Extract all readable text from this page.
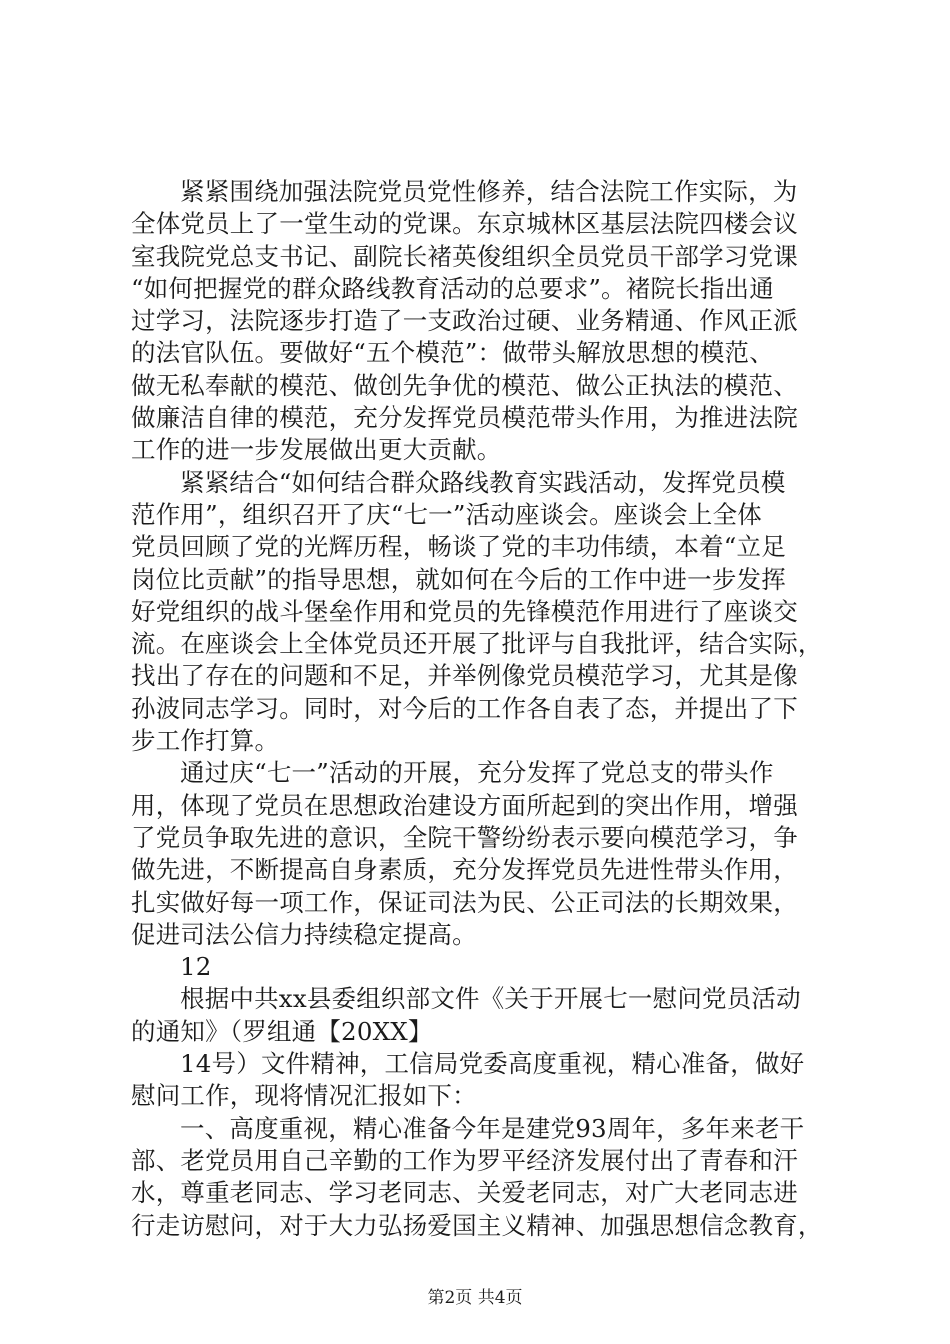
紧紧围绕加强法院党员党性修养，结合法院工作实际，为
全体党员上了一堂生动的党课。东京城林区基层法院四楼会议
室我院党总支书记、副院长褚英俊组织全员党员干部学习党课
“如何把握党的群众路线教育活动的总要求”。褚院长指出通
过学习，法院逐步打造了一支政治过硬、业务精通、作风正派
的法官队伍。要做好“五个模范”：做带头解放思想的模范、
做无私奉献的模范、做创先争优的模范、做公正执法的模范、
做廉洁自律的模范，充分发挥党员模范带头作用，为推进法院
工作的进一步发展做出更大贡献。
紧紧结合“如何结合群众路线教育实践活动，发挥党员模
范作用”，组织召开了庆“七一”活动座谈会。座谈会上全体
党员回顾了党的光辉历程，畅谈了党的丰功伟绩，本着“立足
岗位比贡献”的指导思想，就如何在今后的工作中进一步发挥
好党组织的战斗堡垒作用和党员的先锋模范作用进行了座谈交
流。在座谈会上全体党员还开展了批评与自我批评，结合实际，
找出了存在的问题和不足，并举例像党员模范学习，尤其是像
孙波同志学习。同时，对今后的工作各自表了态，并提出了下
步工作打算。
通过庆“七一”活动的开展，充分发挥了党总支的带头作
用，体现了党员在思想政治建设方面所起到的突出作用，增强
了党员争取先进的意识，全院干警纷纷表示要向模范学习，争
做先进，不断提高自身素质，充分发挥党员先进性带头作用，
扎实做好每一项工作，保证司法为民、公正司法的长期效果，
促进司法公信力持续稳定提高。
12
根据中共xx县委组织部文件《关于开展七一慰问党员活动
的通知》（罗组通【20XX】
14号）文件精神，工信局党委高度重视，精心准备，做好
慰问工作，现将情况汇报如下：
一、高度重视，精心准备今年是建党93周年，多年来老干
部、老党员用自己辛勤的工作为罗平经济发展付出了青春和汗
水，尊重老同志、学习老同志、关爱老同志，对广大老同志进
行走访慰问，对于大力弘扬爱国主义精神、加强思想信念教育，
第2页 共4页
